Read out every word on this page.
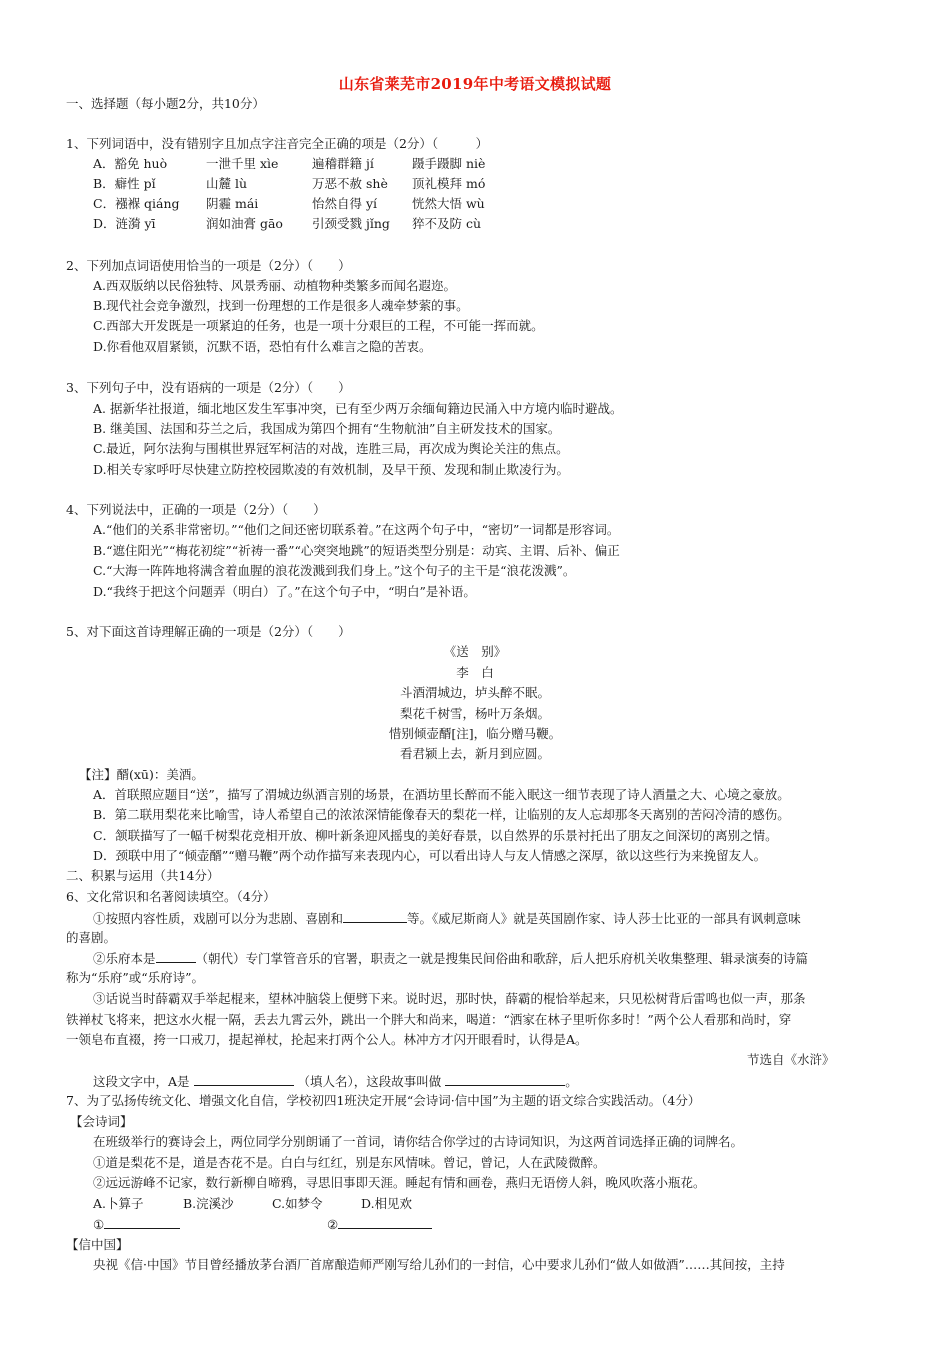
山东省莱芜市2019年中考语文模拟试题
一、选择题（每小题2分，共10分）
1、下列词语中，没有错别字且加点字注音完全正确的项是（2分）（　　　）
A．豁免 huò	一泄千里 xìe	遍稽群籍 jí	蹑手蹑脚 niè
B．癖性 pǐ	山麓 lù	万恶不赦 shè 顶礼模拜 mó
C．襁褓 qiáng 阴霾 mái	怡然自得 yí	恍然大悟 wù
D．涟漪 yī	润如油膏 gāo 引颈受戮 jǐng 猝不及防 cù
2、下列加点词语使用恰当的一项是（2分）（　　）
A.西双版纳以民俗独特、风景秀丽、动植物种类繁多而闻名遐迩。
B.现代社会竞争激烈，找到一份理想的工作是很多人魂牵梦萦的事。
C.西部大开发既是一项紧迫的任务，也是一项十分艰巨的工程，不可能一挥而就。
D.你看他双眉紧锁，沉默不语，恐怕有什么难言之隐的苦衷。
3、下列句子中，没有语病的一项是（2分）（　　）
A. 据新华社报道，缅北地区发生军事冲突，已有至少两万余缅甸籍边民涌入中方境内临时避战。
B. 继美国、法国和芬兰之后，我国成为第四个拥有“生物航油”自主研发技术的国家。
C.最近，阿尔法狗与围棋世界冠军柯洁的对战，连胜三局，再次成为舆论关注的焦点。
D.相关专家呼吁尽快建立防控校园欺凌的有效机制，及早干预、发现和制止欺凌行为。
4、下列说法中，正确的一项是（2分）（　　）
A.“他们的关系非常密切。”“他们之间还密切联系着。”在这两个句子中，“密切”一词都是形容词。
B.“遮住阳光”“梅花初绽”“祈祷一番”“心突突地跳”的短语类型分别是：动宾、主谓、后补、偏正
C.“大海一阵阵地将满含着血腥的浪花泼溅到我们身上。”这个句子的主干是“浪花泼溅”。
D.“我终于把这个问题弄（明白）了。”在这个句子中，“明白”是补语。
5、对下面这首诗理解正确的一项是（2分）（　　）
《送　别》
李　白
斗酒渭城边，垆头醉不眠。
梨花千树雪，杨叶万条烟。
惜别倾壶醑[注]，临分赠马鞭。
看君颍上去，新月到应圆。
【注】醑(xū)：美酒。
A．首联照应题目“送”，描写了渭城边纵酒言别的场景，在酒坊里长醉而不能入眠这一细节表现了诗人酒量之大、心境之豪放。
B．第二联用梨花来比喻雪，诗人希望自己的浓浓深情能像春天的梨花一样，让临别的友人忘却那冬天离别的苦闷冷清的感伤。
C．颔联描写了一幅千树梨花竞相开放、柳叶新条迎风摇曳的美好春景，以自然界的乐景衬托出了朋友之间深切的离别之情。
D．颈联中用了“倾壶醑”“赠马鞭”两个动作描写来表现内心，可以看出诗人与友人情感之深厚，欲以这些行为来挽留友人。
二、积累与运用（共14分）
6、文化常识和名著阅读填空。（4分）
①按照内容性质，戏剧可以分为悲剧、喜剧和	等。《威尼斯商人》就是英国剧作家、诗人莎士比亚的一部具有讽刺意味
的喜剧。
②乐府本是	（朝代）专门掌管音乐的官署，职责之一就是搜集民间俗曲和歌辞，后人把乐府机关收集整理、辑录演奏的诗篇
称为“乐府”或“乐府诗”。
③话说当时薛霸双手举起棍来，望林冲脑袋上便劈下来。说时迟，那时快，薛霸的棍恰举起来，只见松树背后雷鸣也似一声，那条
铁禅杖飞将来，把这水火棍一隔，丢去九霄云外，跳出一个胖大和尚来，喝道：“洒家在林子里听你多时！”两个公人看那和尚时，穿
一领皂布直裰，挎一口戒刀，提起禅杖，抡起来打两个公人。林冲方才闪开眼看时，认得是A。
节选自《水浒》
这段文字中，A是	（填人名），这段故事叫做	。
7、为了弘扬传统文化、增强文化自信，学校初四1班決定开展“会诗词·信中国”为主题的语文综合实践活动。（4分）
【会诗词】
在班级举行的赛诗会上，两位同学分别朗诵了一首词，请你结合你学过的古诗词知识，为这两首词选择正确的词牌名。
①道是梨花不是，道是杏花不是。白白与红红，别是东风情味。曾记，曾记，人在武陵微醉。
②远远游峰不记家，数行新柳自啼鸦，寻思旧事即天涯。睡起有情和画卷，燕归无语傍人斜，晚风吹落小瓶花。
A.卜算子	B.浣溪沙	C.如梦令	D.相见欢
①	②
【信中国】
央视《信·中国》节目曾经播放茅台酒厂首席酿造师严刚写给儿孙们的一封信，心中要求儿孙们“做人如做酒”……其间按，主持
